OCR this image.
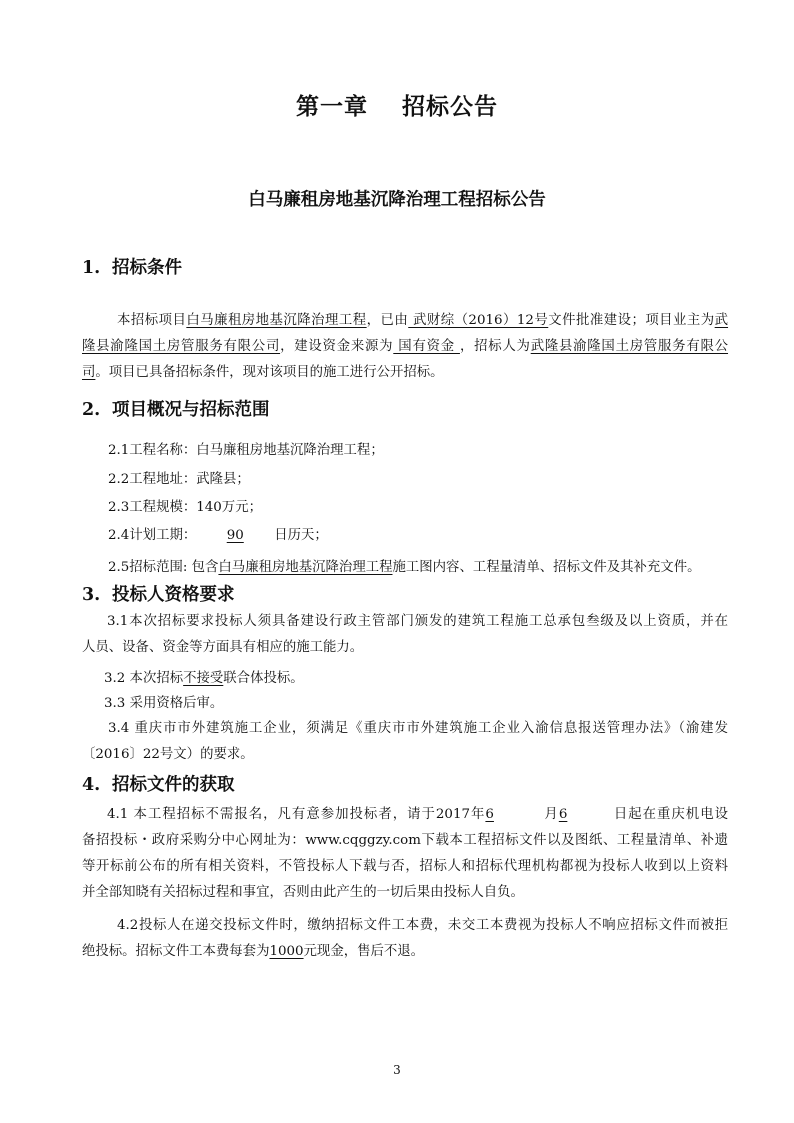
第一章 招标公告
白马廉租房地基沉降治理工程招标公告
1. 招标条件
本招标项目白马廉租房地基沉降治理工程，已由 武财综（2016）12号文件批准建设；项目业主为武
隆县渝隆国土房管服务有限公司，建设资金来源为 国有资金 ，招标人为武隆县渝隆国土房管服务有限公
司。项目已具备招标条件，现对该项目的施工进行公开招标。
2. 项目概况与招标范围
2.1工程名称：白马廉租房地基沉降治理工程；
2.2工程地址：武隆县；
2.3工程规模：140万元；
2.4计划工期： 90 日历天；
2.5招标范围: 包含白马廉租房地基沉降治理工程施工图内容、工程量清单、招标文件及其补充文件。
3. 投标人资格要求
3.1本次招标要求投标人须具备建设行政主管部门颁发的建筑工程施工总承包叁级及以上资质，并在
人员、设备、资金等方面具有相应的施工能力。
3.2 本次招标不接受联合体投标。
3.3 采用资格后审。
3.4 重庆市市外建筑施工企业，须满足《重庆市市外建筑施工企业入渝信息报送管理办法》（渝建发
〔2016〕22号文）的要求。
4. 招标文件的获取
4.1 本工程招标不需报名，凡有意参加投标者，请于2017年6	月6	日起在重庆机电设
备招投标・政府采购分中心网址为：www.cqggzy.com下载本工程招标文件以及图纸、工程量清单、补遗
等开标前公布的所有相关资料，不管投标人下载与否，招标人和招标代理机构都视为投标人收到以上资料
并全部知晓有关招标过程和事宜，否则由此产生的一切后果由投标人自负。
4.2投标人在递交投标文件时，缴纳招标文件工本费，未交工本费视为投标人不响应招标文件而被拒
绝投标。招标文件工本费每套为1000元现金，售后不退。
3
